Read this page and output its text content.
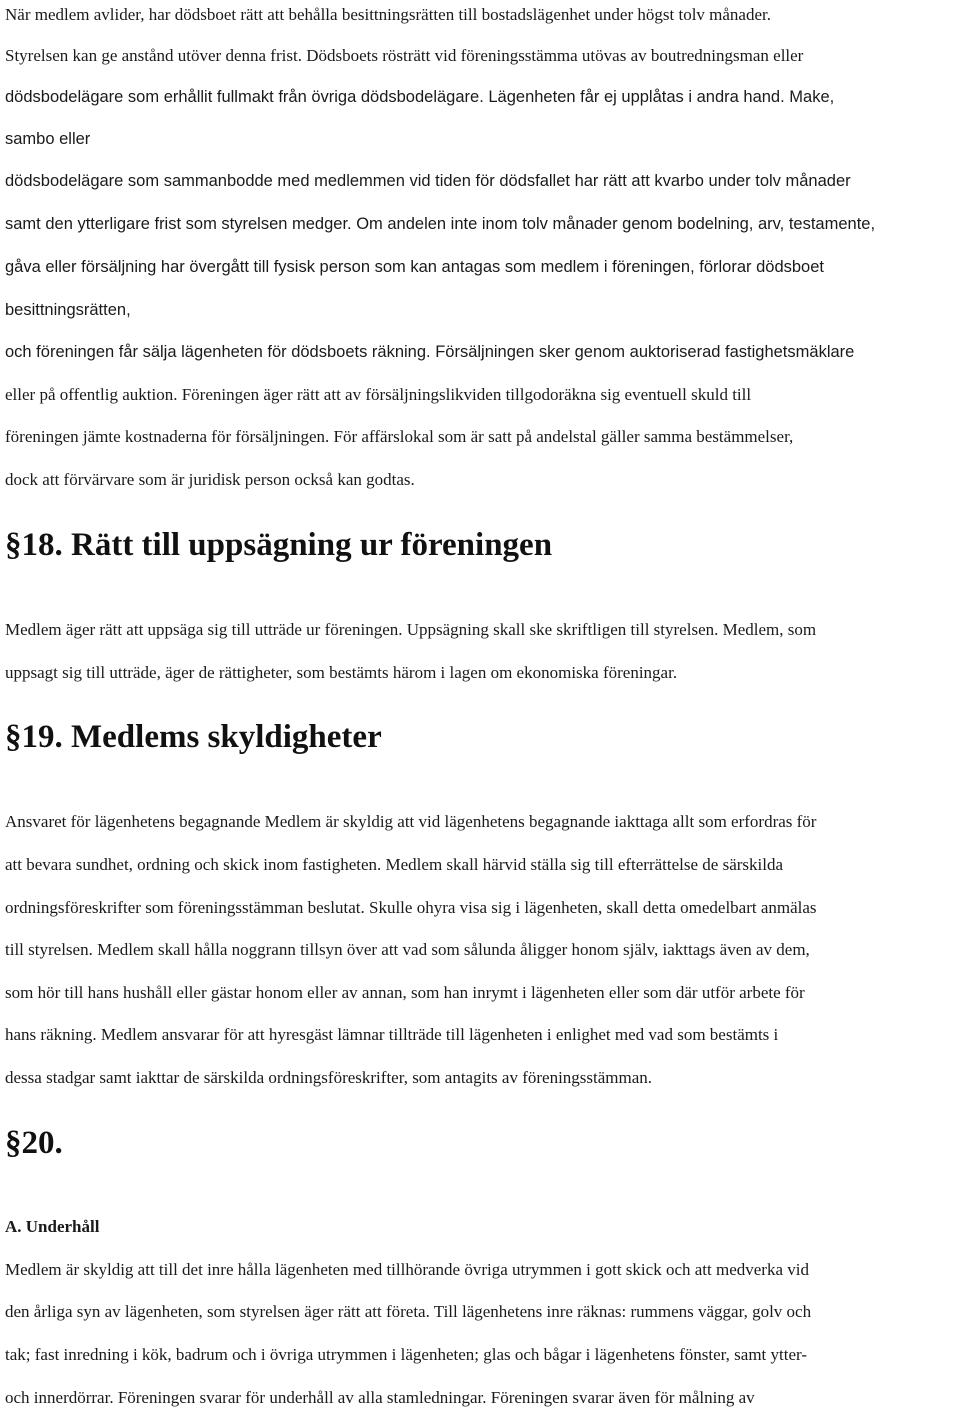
När medlem avlider, har dödsboet rätt att behålla besittningsrätten till bostadslägenhet under högst tolv månader.
Styrelsen kan ge anstånd utöver denna frist. Dödsboets rösträtt vid föreningsstämma utövas av boutredningsman eller
dödsbodelägare som erhållit fullmakt från övriga dödsbodelägare. Lägenheten får ej upplåtas i andra hand. Make,
sambo eller
dödsbodelägare som sammanbodde med medlemmen vid tiden för dödsfallet har rätt att kvarbo under tolv månader
samt den ytterligare frist som styrelsen medger. Om andelen inte inom tolv månader genom bodelning, arv, testamente,
gåva eller försäljning har övergått till fysisk person som kan antagas som medlem i föreningen, förlorar dödsboet
besittningsrätten,
och föreningen får sälja lägenheten för dödsboets räkning. Försäljningen sker genom auktoriserad fastighetsmäklare
eller på offentlig auktion. Föreningen äger rätt att av försäljningslikviden tillgodoräkna sig eventuell skuld till
föreningen jämte kostnaderna för försäljningen. För affärslokal som är satt på andelstal gäller samma bestämmelser,
dock att förvärvare som är juridisk person också kan godtas.
§18. Rätt till uppsägning ur föreningen
Medlem äger rätt att uppsäga sig till utträde ur föreningen. Uppsägning skall ske skriftligen till styrelsen. Medlem, som
uppsagt sig till utträde, äger de rättigheter, som bestämts härom i lagen om ekonomiska föreningar.
§19. Medlems skyldigheter
Ansvaret för lägenhetens begagnande Medlem är skyldig att vid lägenhetens begagnande iakttaga allt som erfordras för
att bevara sundhet, ordning och skick inom fastigheten. Medlem skall härvid ställa sig till efterrättelse de särskilda
ordningsföreskrifter som föreningsstämman beslutat. Skulle ohyra visa sig i lägenheten, skall detta omedelbart anmälas
till styrelsen. Medlem skall hålla noggrann tillsyn över att vad som sålunda åligger honom själv, iakttags även av dem,
som hör till hans hushåll eller gästar honom eller av annan, som han inrymt i lägenheten eller som där utför arbete för
hans räkning. Medlem ansvarar för att hyresgäst lämnar tillträde till lägenheten i enlighet med vad som bestämts i
dessa stadgar samt iakttar de särskilda ordningsföreskrifter, som antagits av föreningsstämman.
§20.
A. Underhåll
Medlem är skyldig att till det inre hålla lägenheten med tillhörande övriga utrymmen i gott skick och att medverka vid
den årliga syn av lägenheten, som styrelsen äger rätt att företa. Till lägenhetens inre räknas: rummens väggar, golv och
tak; fast inredning i kök, badrum och i övriga utrymmen i lägenheten; glas och bågar i lägenhetens fönster, samt ytter-
och innerdörrar. Föreningen svarar för underhåll av alla stamledningar. Föreningen svarar även för målning av
